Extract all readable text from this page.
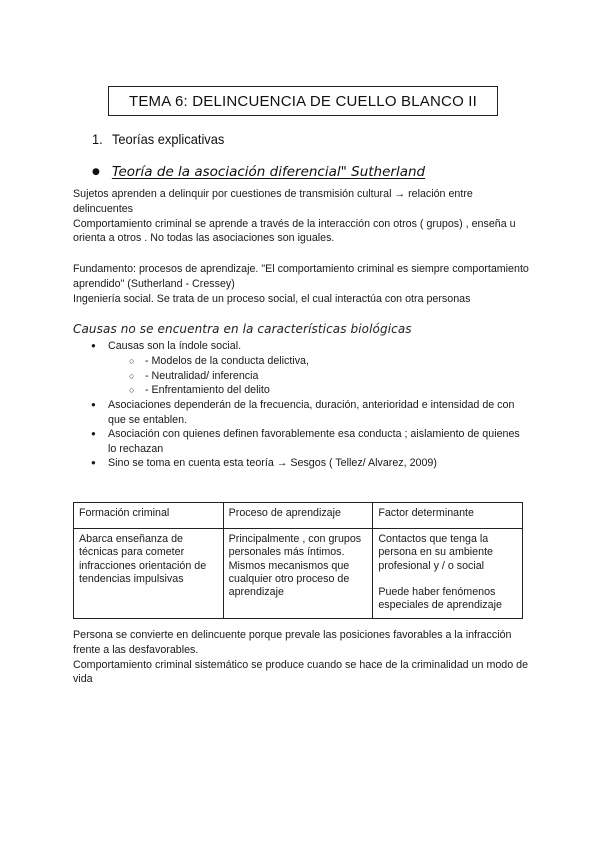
TEMA 6: DELINCUENCIA DE CUELLO BLANCO II
1. Teorías explicativas
● Teoría de la asociación diferencial" Sutherland
Sujetos aprenden a delinquir por cuestiones de transmisión cultural → relación entre delincuentes
Comportamiento criminal se aprende a través de la interacción con otros ( grupos) , enseña u orienta a otros . No todas las asociaciones son iguales.
Fundamento: procesos de aprendizaje. "El comportamiento criminal es siempre comportamiento aprendido" (Sutherland - Cressey)
Ingeniería social. Se trata de un proceso social, el cual interactúa con otra personas
Causas no se encuentra en la características biológicas
● Causas son la índole social.
○ - Modelos de la conducta delictiva,
○ - Neutralidad/ inferencia
○ - Enfrentamiento del delito
● Asociaciones dependerán de la frecuencia, duración, anterioridad e intensidad de con que se entablen.
● Asociación con quienes definen favorablemente esa conducta ; aislamiento de quienes lo rechazan
● Sino se toma en cuenta esta teoría → Sesgos ( Tellez/ Alvarez, 2009)
Formación criminal	Proceso de aprendizaje	Factor determinante
Abarca enseñanza de técnicas para cometer infracciones orientación de tendencias impulsivas	Principalmente , con grupos personales más íntimos. Mismos mecanismos que cualquier otro proceso de aprendizaje	Contactos que tenga la persona en su ambiente profesional y / o social
Puede haber fenómenos especiales de aprendizaje
Persona se convierte en delincuente porque prevale las posiciones favorables a la infracción frente a las desfavorables.
Comportamiento criminal sistemático se produce cuando se hace de la criminalidad un modo de vida
